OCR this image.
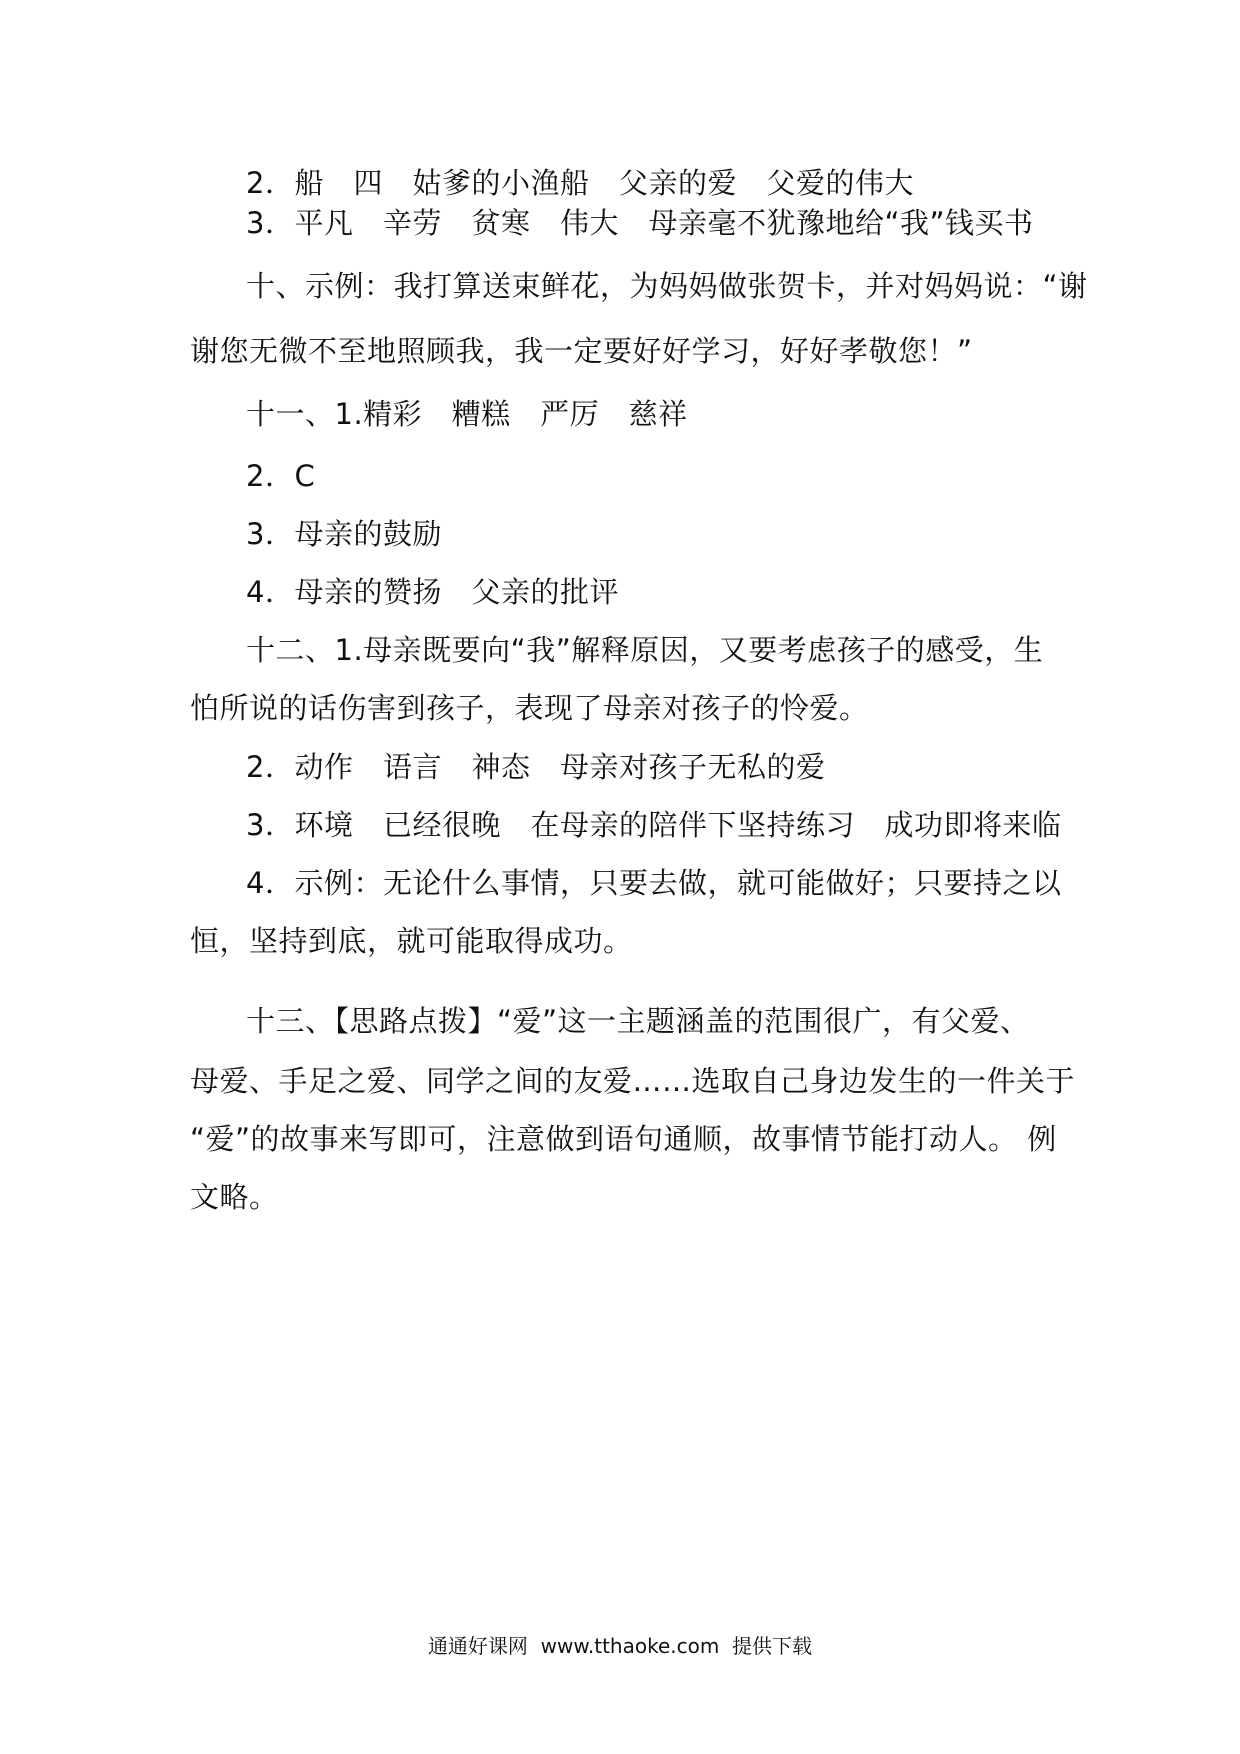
2．船　四　姑爹的小渔船　父亲的爱　父爱的伟大
3．平凡　辛劳　贫寒　伟大　母亲毫不犹豫地给“我”钱买书
十、示例：我打算送束鲜花，为妈妈做张贺卡，并对妈妈说：“谢
谢您无微不至地照顾我，我一定要好好学习，好好孝敬您！”
十一、1.精彩　糟糕　严厉　慈祥
2．C
3．母亲的鼓励
4．母亲的赞扬　父亲的批评
十二、1.母亲既要向“我”解释原因，又要考虑孩子的感受，生
怕所说的话伤害到孩子，表现了母亲对孩子的怜爱。
2．动作　语言　神态　母亲对孩子无私的爱
3．环境　已经很晚　在母亲的陪伴下坚持练习　成功即将来临
4．示例：无论什么事情，只要去做，就可能做好；只要持之以
恒，坚持到底，就可能取得成功。
十三、【思路点拨】“爱”这一主题涵盖的范围很广，有父爱、
母爱、手足之爱、同学之间的友爱……选取自己身边发生的一件关于
“爱”的故事来写即可，注意做到语句通顺，故事情节能打动人。 例
文略。
通通好课网  www.tthaoke.com  提供下载
